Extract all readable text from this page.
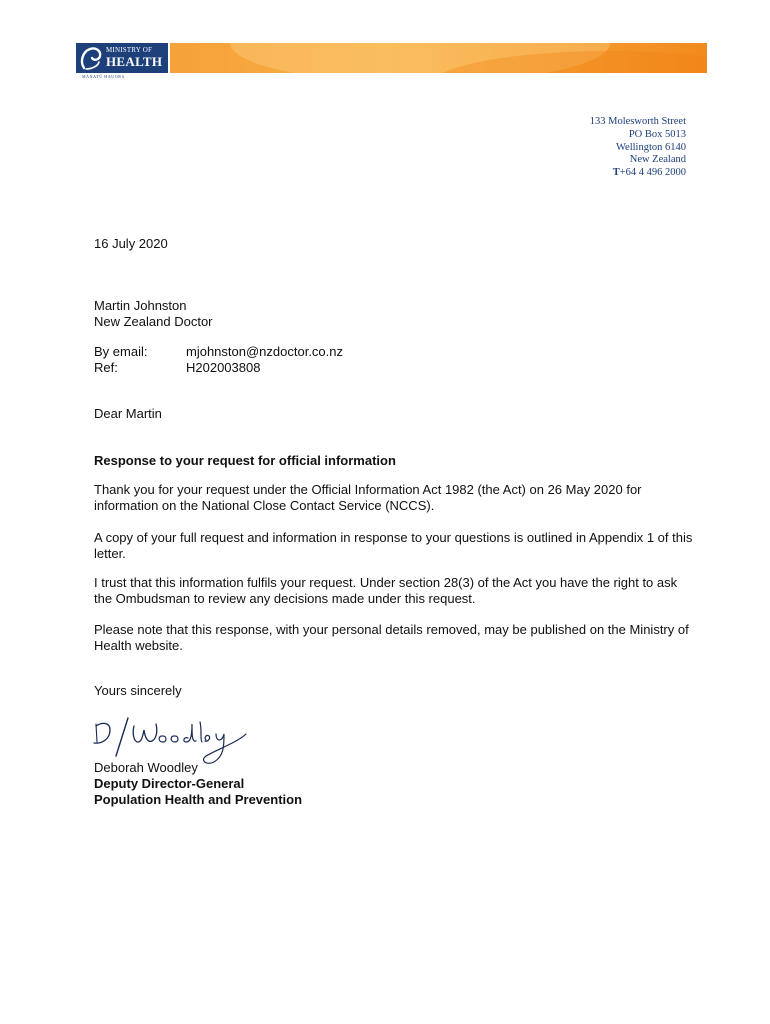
MINISTRY OF
HEALTH
MANATŪ HAUORA
133 Molesworth Street
PO Box 5013
Wellington 6140
New Zealand
T+64 4 496 2000
16 July 2020
Martin Johnston
New Zealand Doctor
By email:	mjohnston@nzdoctor.co.nz
Ref:	H202003808
Dear Martin
Response to your request for official information
Thank you for your request under the Official Information Act 1982 (the Act) on 26 May 2020 for information on the National Close Contact Service (NCCS).
A copy of your full request and information in response to your questions is outlined in Appendix 1 of this letter.
I trust that this information fulfils your request. Under section 28(3) of the Act you have the right to ask the Ombudsman to review any decisions made under this request.
Please note that this response, with your personal details removed, may be published on the Ministry of Health website.
Yours sincerely
Deborah Woodley
Deputy Director-General
Population Health and Prevention
